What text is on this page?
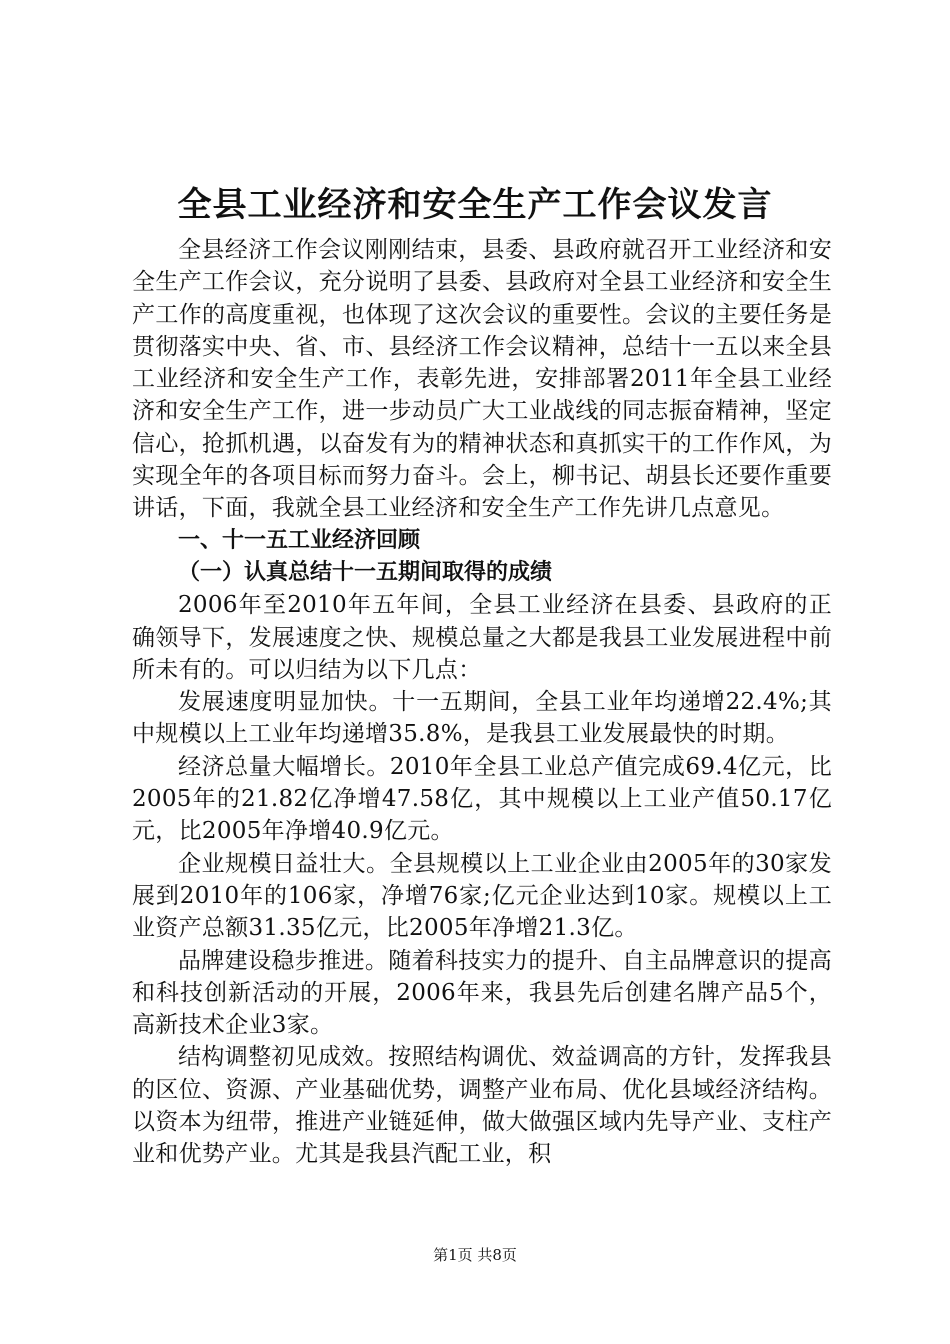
全县工业经济和安全生产工作会议发言

全县经济工作会议刚刚结束，县委、县政府就召开工业经济和安全生产工作会议，充分说明了县委、县政府对全县工业经济和安全生产工作的高度重视，也体现了这次会议的重要性。会议的主要任务是贯彻落实中央、省、市、县经济工作会议精神，总结十一五以来全县工业经济和安全生产工作，表彰先进，安排部署2011年全县工业经济和安全生产工作，进一步动员广大工业战线的同志振奋精神，坚定信心，抢抓机遇，以奋发有为的精神状态和真抓实干的工作作风，为实现全年的各项目标而努力奋斗。会上，柳书记、胡县长还要作重要讲话，下面，我就全县工业经济和安全生产工作先讲几点意见。

一、十一五工业经济回顾

（一）认真总结十一五期间取得的成绩

2006年至2010年五年间，全县工业经济在县委、县政府的正确领导下，发展速度之快、规模总量之大都是我县工业发展进程中前所未有的。可以归结为以下几点：

发展速度明显加快。十一五期间，全县工业年均递增22.4%;其中规模以上工业年均递增35.8%，是我县工业发展最快的时期。

经济总量大幅增长。2010年全县工业总产值完成69.4亿元，比2005年的21.82亿净增47.58亿，其中规模以上工业产值50.17亿元，比2005年净增40.9亿元。

企业规模日益壮大。全县规模以上工业企业由2005年的30家发展到2010年的106家，净增76家;亿元企业达到10家。规模以上工业资产总额31.35亿元，比2005年净增21.3亿。

品牌建设稳步推进。随着科技实力的提升、自主品牌意识的提高和科技创新活动的开展，2006年来，我县先后创建名牌产品5个，高新技术企业3家。

结构调整初见成效。按照结构调优、效益调高的方针，发挥我县的区位、资源、产业基础优势，调整产业布局、优化县域经济结构。以资本为纽带，推进产业链延伸，做大做强区域内先导产业、支柱产业和优势产业。尤其是我县汽配工业，积

第1页 共8页
